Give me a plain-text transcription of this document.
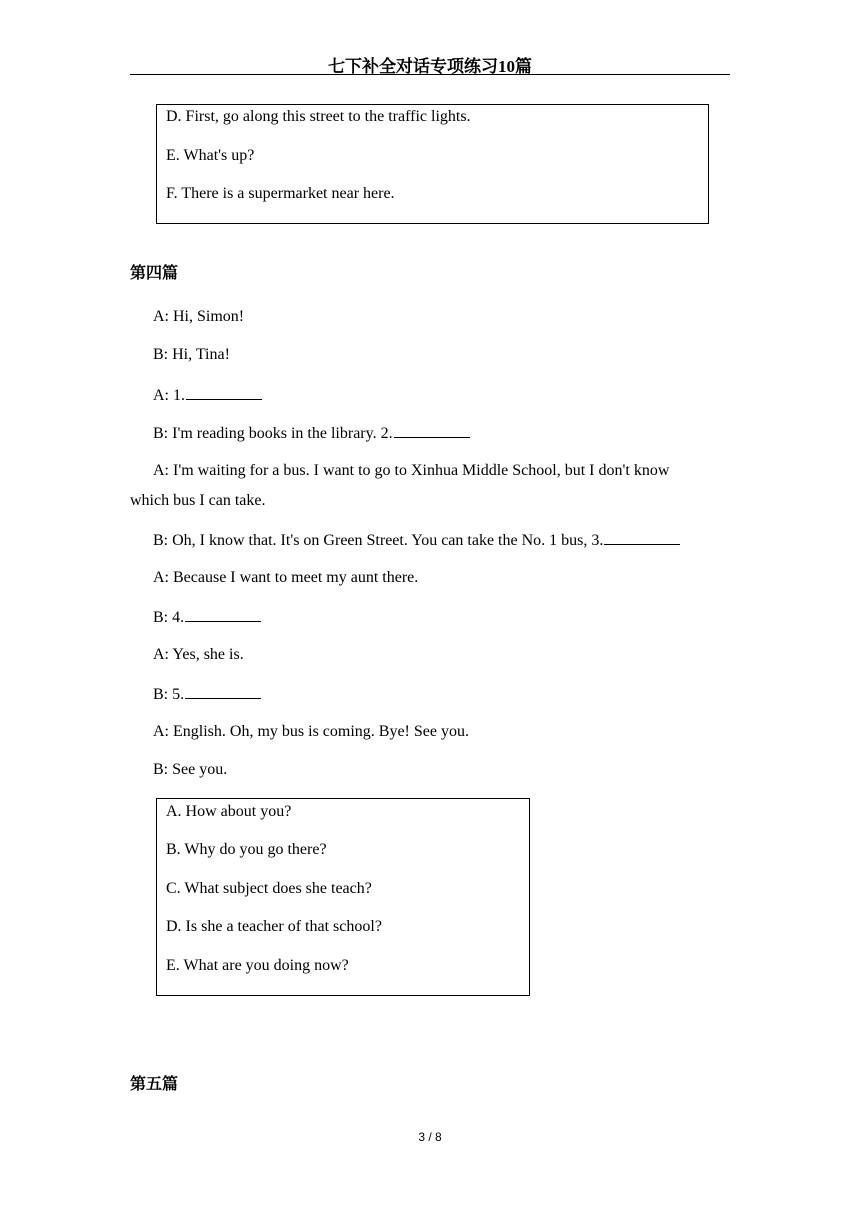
七下补全对话专项练习10篇
D. First, go along this street to the traffic lights.
E. What's up?
F. There is a supermarket near here.
第四篇
A: Hi, Simon!
B: Hi, Tina!
A: 1.
B: I'm reading books in the library. 2.
A: I'm waiting for a bus. I want to go to Xinhua Middle School, but I don't know
which bus I can take.
B: Oh, I know that. It's on Green Street. You can take the No. 1 bus, 3.
A: Because I want to meet my aunt there.
B: 4.
A: Yes, she is.
B: 5.
A: English. Oh, my bus is coming. Bye! See you.
B: See you.
A. How about you?
B. Why do you go there?
C. What subject does she teach?
D. Is she a teacher of that school?
E. What are you doing now?
第五篇
3 / 8
